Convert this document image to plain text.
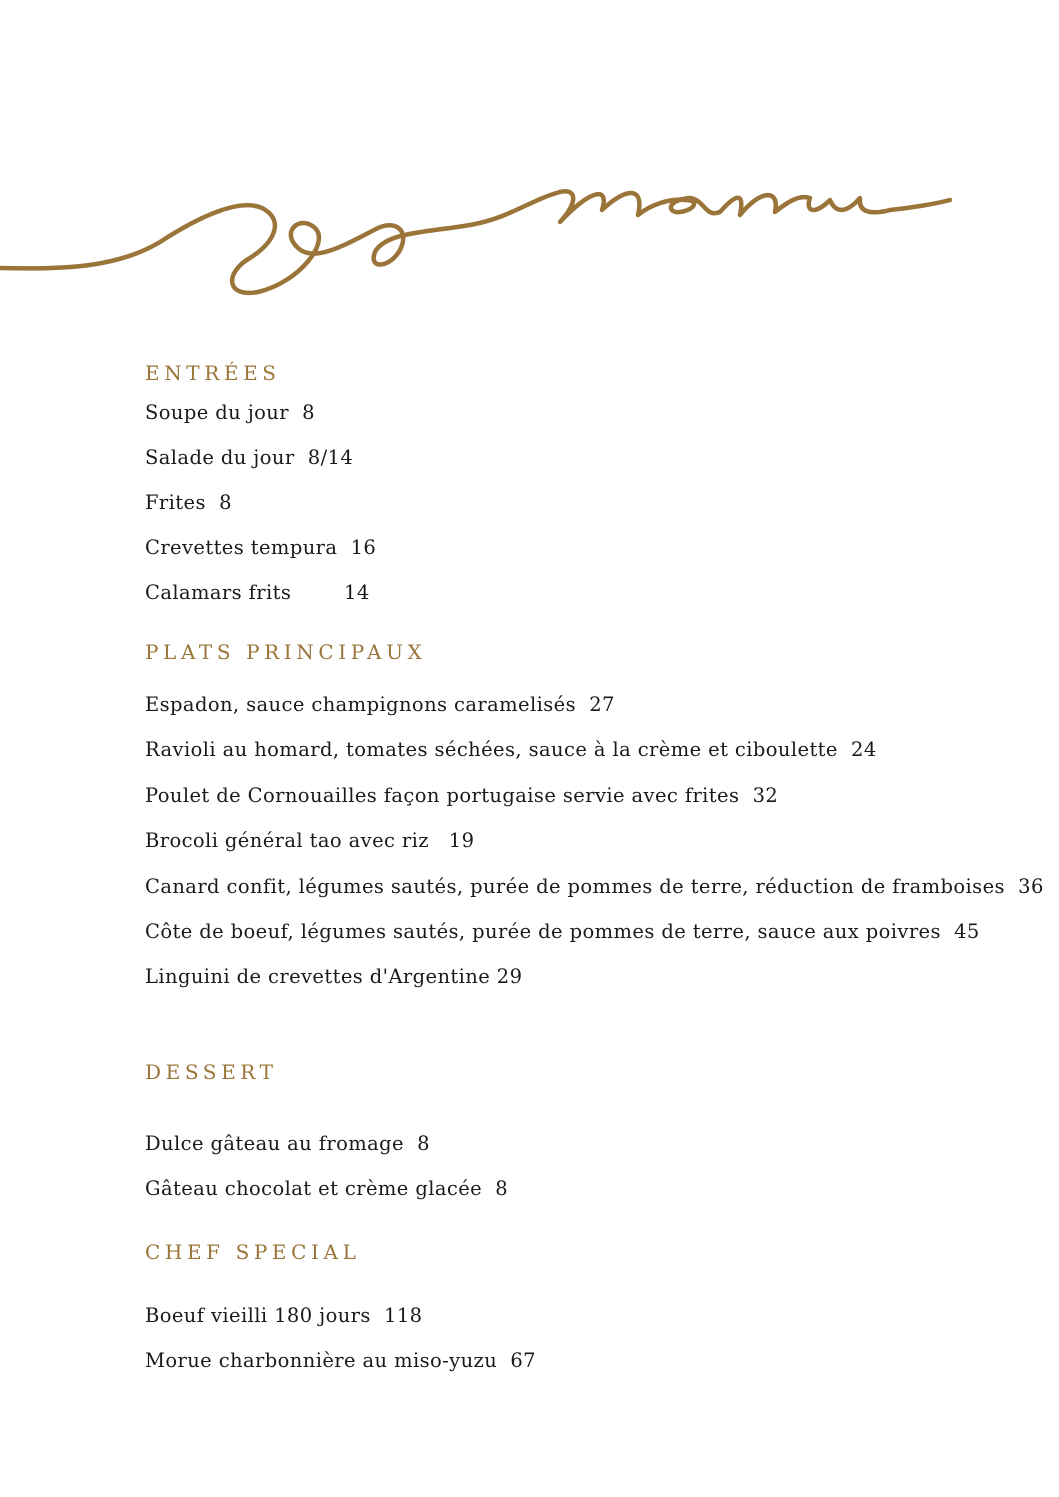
ENTRÉES

Soupe du jour  8

Salade du jour  8/14

Frites  8

Crevettes tempura  16

Calamars frits        14

PLATS PRINCIPAUX

Espadon, sauce champignons caramelisés  27

Ravioli au homard, tomates séchées, sauce à la crème et ciboulette  24

Poulet de Cornouailles façon portugaise servie avec frites  32

Brocoli général tao avec riz   19

Canard confit, légumes sautés, purée de pommes de terre, réduction de framboises  36

Côte de boeuf, légumes sautés, purée de pommes de terre, sauce aux poivres  45

Linguini de crevettes d'Argentine 29

DESSERT

Dulce gâteau au fromage  8

Gâteau chocolat et crème glacée  8

CHEF SPECIAL

Boeuf vieilli 180 jours  118

Morue charbonnière au miso-yuzu  67
